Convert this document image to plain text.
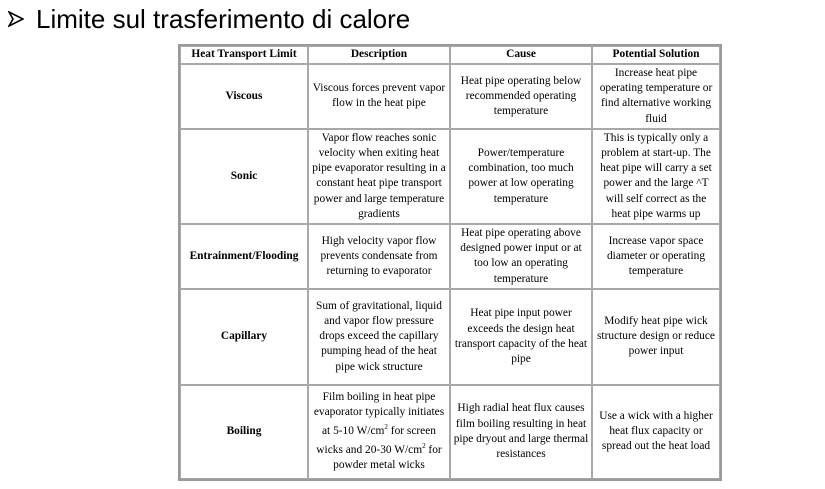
Limite sul trasferimento di calore
Heat Transport Limit	Description	Cause	Potential Solution
Viscous	Viscous forces prevent vapor flow in the heat pipe	Heat pipe operating below recommended operating temperature	Increase heat pipe operating temperature or find alternative working fluid
Sonic	Vapor flow reaches sonic velocity when exiting heat pipe evaporator resulting in a constant heat pipe transport power and large temperature gradients	Power/temperature combination, too much power at low operating temperature	This is typically only a problem at start-up. The heat pipe will carry a set power and the large ^T will self correct as the heat pipe warms up
Entrainment/Flooding	High velocity vapor flow prevents condensate from returning to evaporator	Heat pipe operating above designed power input or at too low an operating temperature	Increase vapor space diameter or operating temperature
Capillary	Sum of gravitational, liquid and vapor flow pressure drops exceed the capillary pumping head of the heat pipe wick structure	Heat pipe input power exceeds the design heat transport capacity of the heat pipe	Modify heat pipe wick structure design or reduce power input
Boiling	Film boiling in heat pipe evaporator typically initiates at 5-10 $W/cm^2$ for screen wicks and 20-30 $W/cm^2$ for powder metal wicks	High radial heat flux causes film boiling resulting in heat pipe dryout and large thermal resistances	Use a wick with a higher heat flux capacity or spread out the heat load
